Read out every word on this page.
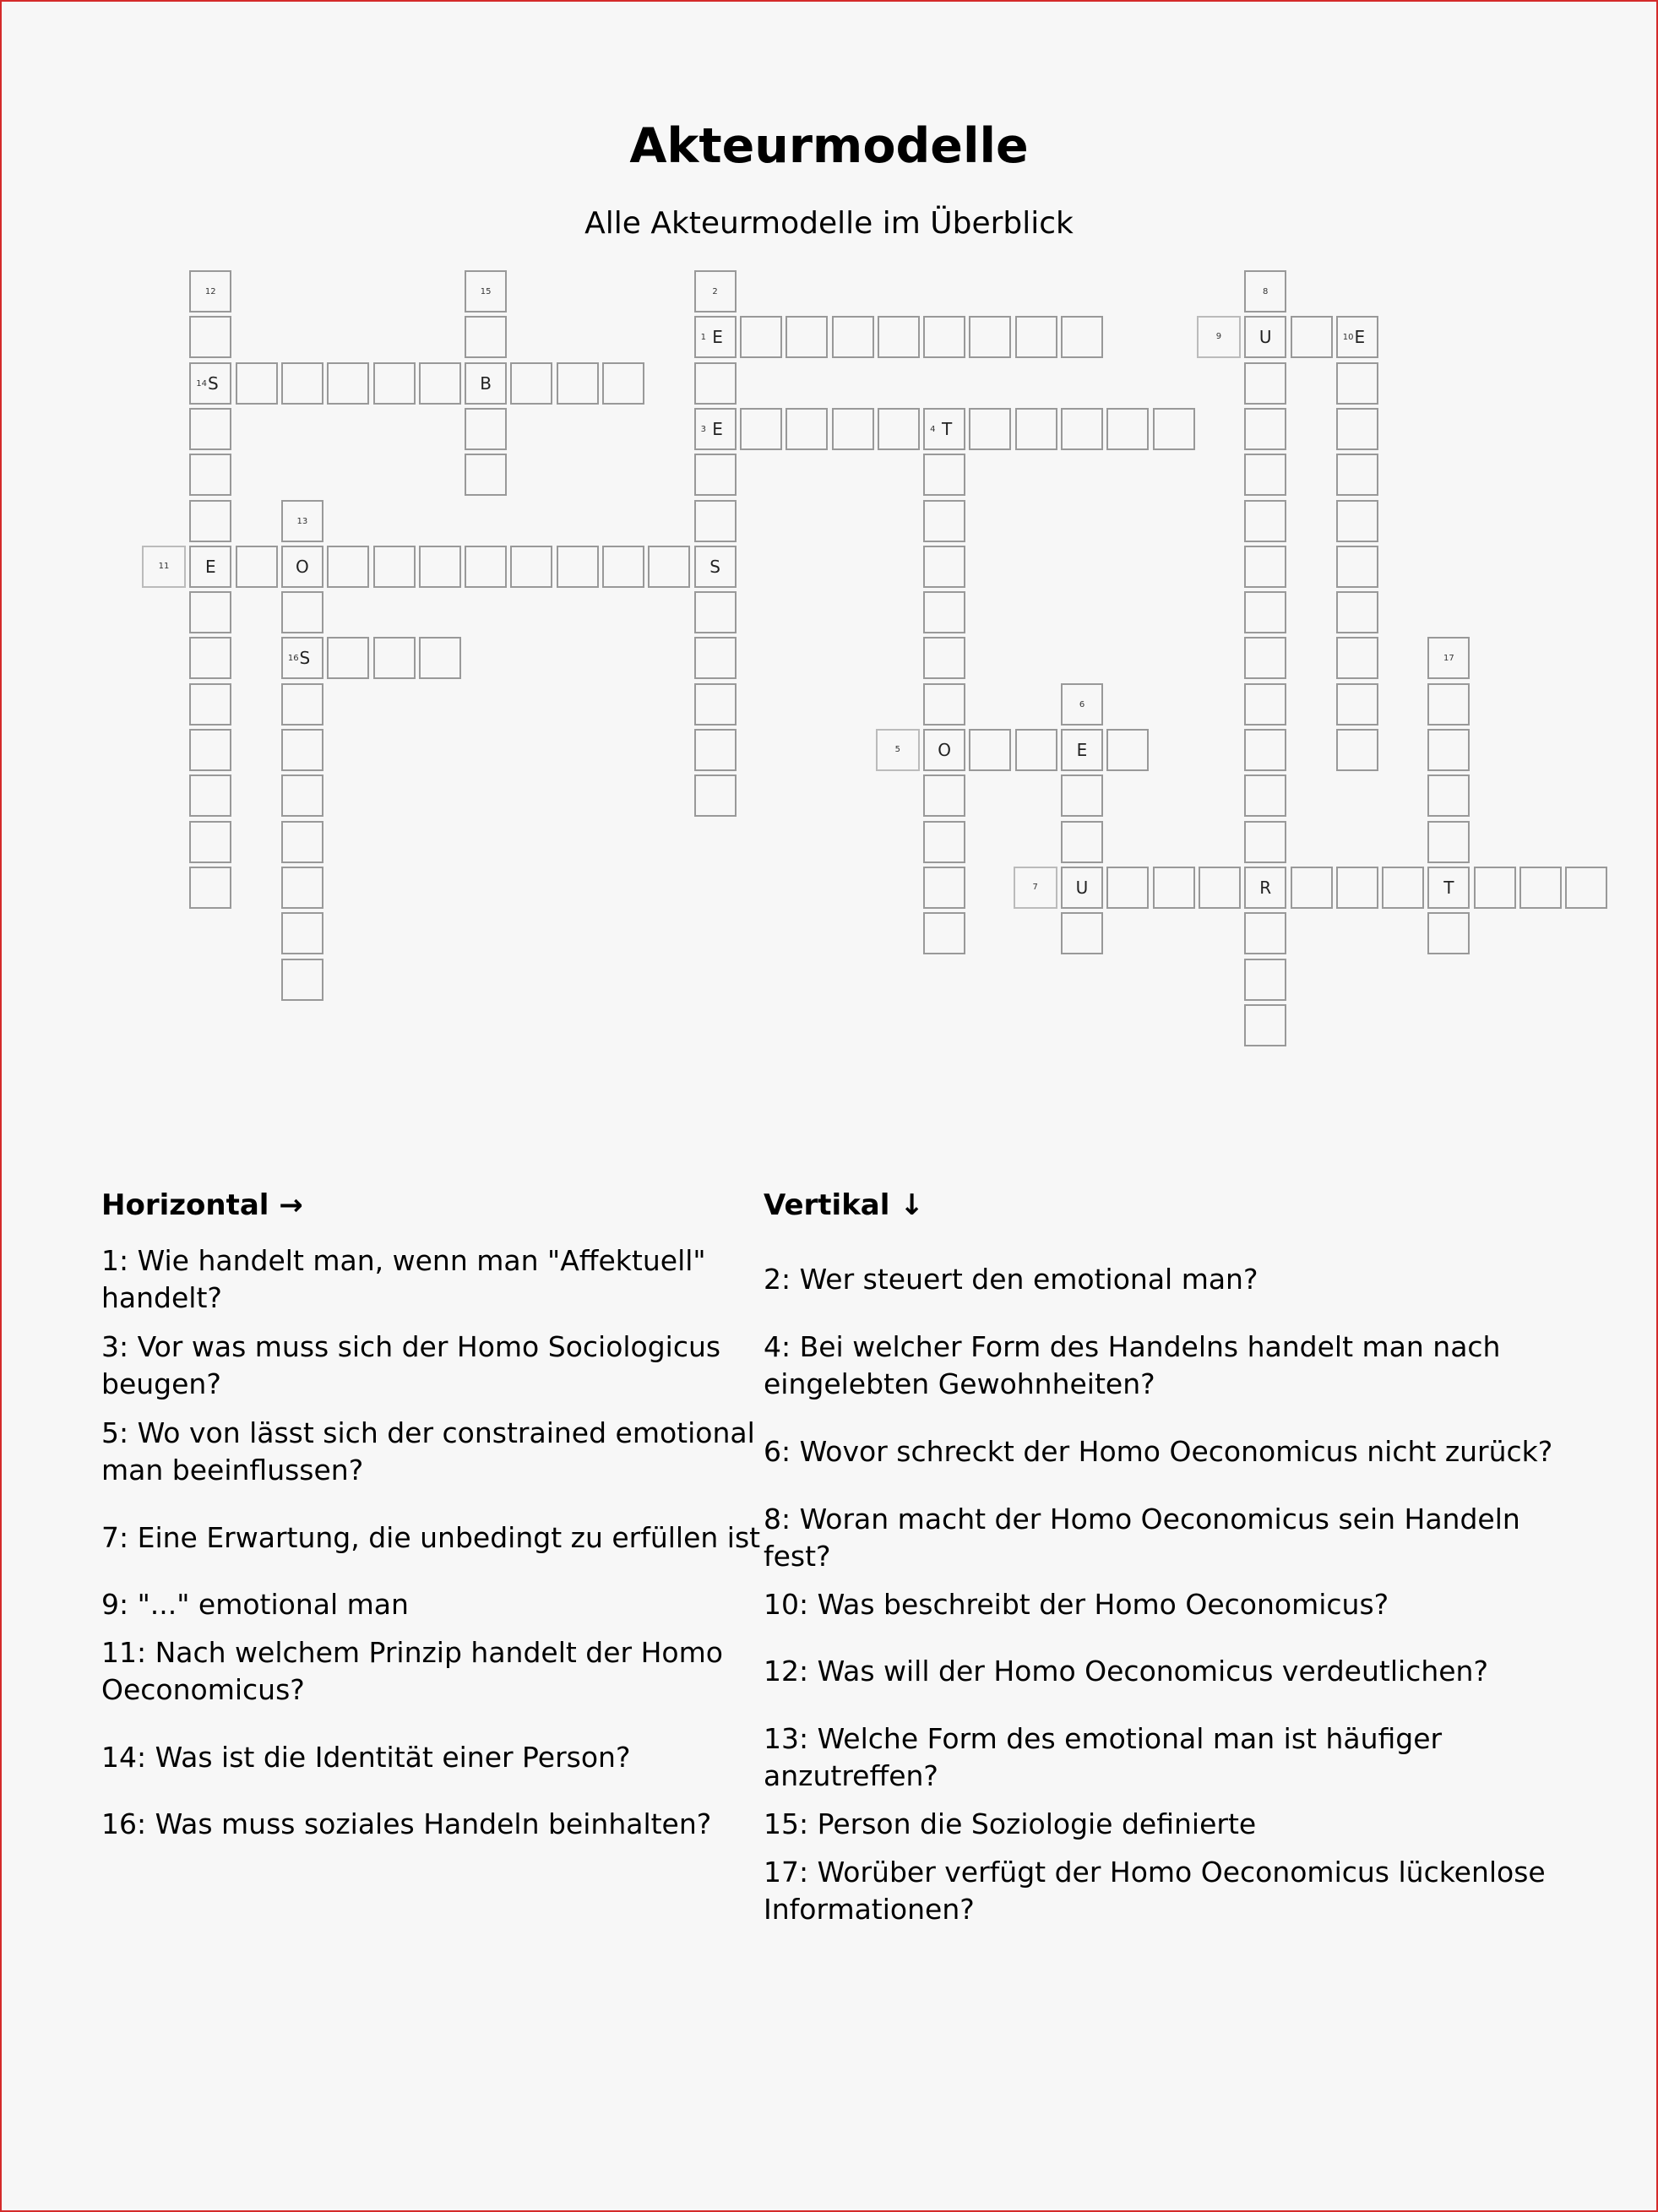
Akteurmodelle
Alle Akteurmodelle im Überblick
1 E
2
3 E
S
4 T
O	E
6
U	R	T
8
U	10 E
E	O
12
14 S
13
16 S
B
15
17
5
7
9
11
Horizontal →
1: Wie handelt man, wenn man "Affektuell" handelt?
3: Vor was muss sich der Homo Sociologicus beugen?
5: Wo von lässt sich der constrained emotional man beeinflussen?
7: Eine Erwartung, die unbedingt zu erfüllen ist
9: "..." emotional man
11: Nach welchem Prinzip handelt der Homo Oeconomicus?
14: Was ist die Identität einer Person?
16: Was muss soziales Handeln beinhalten?
Vertikal ↓
2: Wer steuert den emotional man?
4: Bei welcher Form des Handelns handelt man nach eingelebten Gewohnheiten?
6: Wovor schreckt der Homo Oeconomicus nicht zurück?
8: Woran macht der Homo Oeconomicus sein Handeln fest?
10: Was beschreibt der Homo Oeconomicus?
12: Was will der Homo Oeconomicus verdeutlichen?
13: Welche Form des emotional man ist häufiger anzutreffen?
15: Person die Soziologie definierte
17: Worüber verfügt der Homo Oeconomicus lückenlose Informationen?
